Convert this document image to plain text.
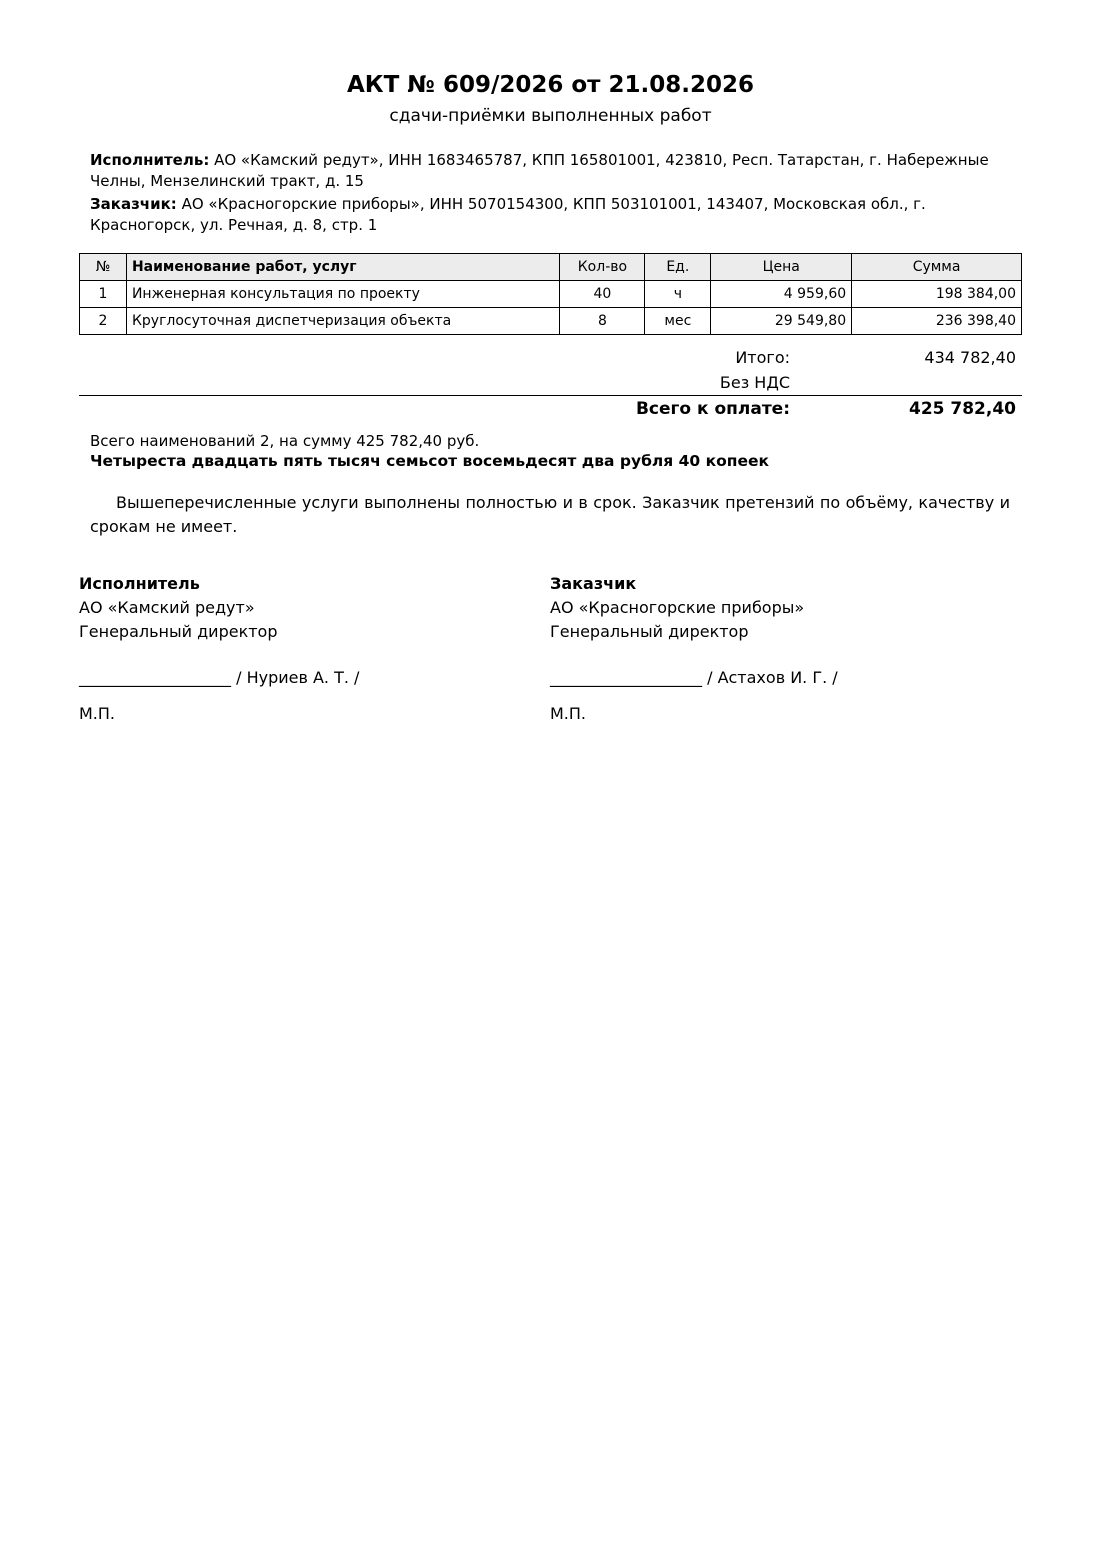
АКТ № 609/2026 от 21.08.2026
сдачи-приёмки выполненных работ
Исполнитель: АО «Камский редут», ИНН 1683465787, КПП 165801001, 423810, Респ. Татарстан, г. Набережные Челны, Мензелинский тракт, д. 15
Заказчик: АО «Красногорские приборы», ИНН 5070154300, КПП 503101001, 143407, Московская обл., г. Красногорск, ул. Речная, д. 8, стр. 1
№	Наименование работ, услуг	Кол-во	Ед.	Цена	Сумма
1	Инженерная консультация по проекту	40	ч	4 959,60	198 384,00
2	Круглосуточная диспетчеризация объекта	8	мес	29 549,80	236 398,40
Итого:	434 782,40
Без НДС
Всего к оплате:	425 782,40
Всего наименований 2, на сумму 425 782,40 руб.
Четыреста двадцать пять тысяч семьсот восемьдесят два рубля 40 копеек
Вышеперечисленные услуги выполнены полностью и в срок. Заказчик претензий по объёму, качеству и срокам не имеет.
Исполнитель
АО «Камский редут»
Генеральный директор
___________________ / Нуриев А. Т. /
М.П.
Заказчик
АО «Красногорские приборы»
Генеральный директор
___________________ / Астахов И. Г. /
М.П.
